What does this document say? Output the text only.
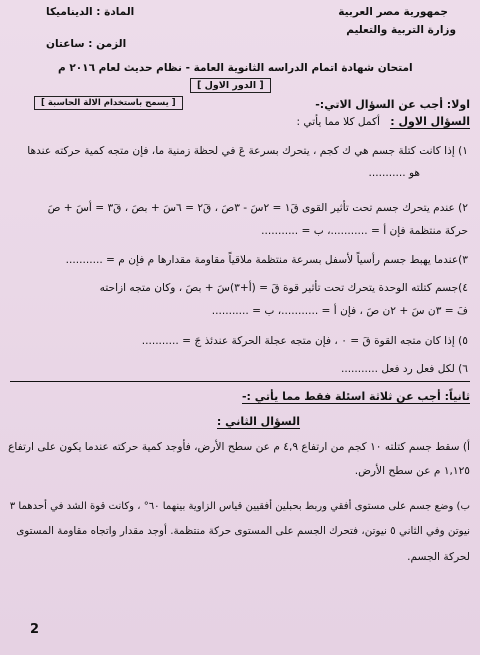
جمهورية مصر العربية
وزارة التربية والتعليم
المادة : الديناميكا
الزمن : ساعتان
امتحان شهادة اتمام الدراسه الثانوية العامة - نظام حديث لعام ٢٠١٦ م
[ الدور الاول ]
اولا: أجب عن السؤال الاتي:-
[ يسمح باستخدام الالة الحاسبة ]
السؤال الاول :
أكمل كلا مما يأتي :
١) إذا كانت كتلة جسم هي ك كجم ، يتحرك بسرعة عَ في لحظة زمنية ما، فإن متجه كمية حركته عندها
هو ...........
٢) عندم يتحرك جسم تحت تأثير القوى قَ١ = ٢سَ - ٣صَ ، قَ٢ = ٦سَ + بصَ ، قَ٣ = أسَ + صَ
حركة منتظمة فإن أ = ...........، ب = ...........
٣)عندما يهبط جسم رأسياً لأسفل بسرعة منتظمة ملاقياً مقاومة مقدارها م فإن م = ...........
٤)جسم كتلته الوحدة يتحرك تحت تأثير قوة قَ = (أ+٣)سَ + بصَ ، وكان متجه ازاحته
فَ = ٣ن سَ + ٢ن صَ ، فإن أ = ...........، ب = ...........
٥) إذا كان متجه القوة قَ = ٠ ، فإن متجه عجلة الحركة عندئذ جَ = ...........
٦) لكل فعل رد فعل ...........
ثانياً: أجب عن ثلاثة اسئلة فقط مما يأتي :-
السؤال الثاني :
أ) سقط جسم كتلته ١٠ كجم من ارتفاع ٤,٩ م عن سطح الأرض، فأوجد كمية حركته عندما يكون على ارتفاع
١,١٢٥ م عن سطح الأرض.
ب) وضع جسم على مستوى أفقي وربط بحبلين أفقيين قياس الزاوية بينهما ٦٠° ، وكانت قوة الشد في أحدهما ٣
نيوتن وفي الثاني ٥ نيوتن، فتحرك الجسم على المستوى حركة منتظمة. أوجد مقدار واتجاه مقاومة المستوى
لحركة الجسم.
2
